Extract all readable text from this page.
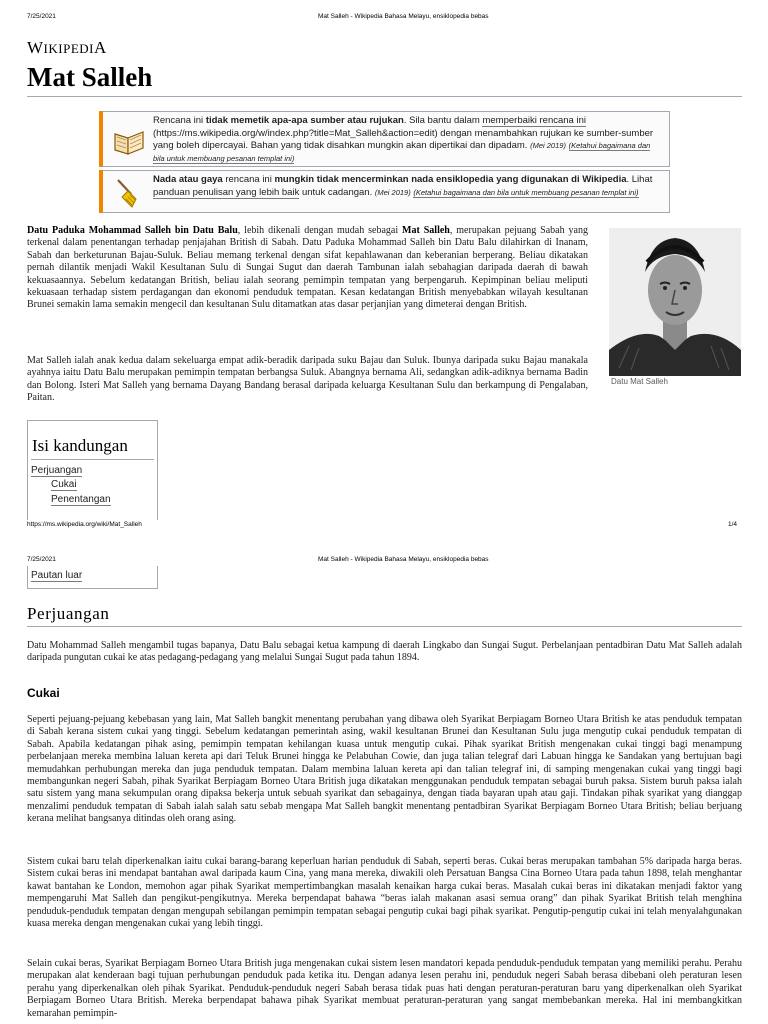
7/25/2021	Mat Salleh - Wikipedia Bahasa Melayu, ensiklopedia bebas
WIKIPEDIA
Mat Salleh
Rencana ini tidak memetik apa-apa sumber atau rujukan. Sila bantu dalam memperbaiki rencana ini (https://ms.wikipedia.org/w/index.php?title=Mat_Salleh&action=edit) dengan menambahkan rujukan ke sumber-sumber yang boleh dipercayai. Bahan yang tidak disahkan mungkin akan dipertikai dan dipadam. (Mei 2019) (Ketahui bagaimana dan bila untuk membuang pesanan templat ini)
Nada atau gaya rencana ini mungkin tidak mencerminkan nada ensiklopedia yang digunakan di Wikipedia. Lihat panduan penulisan yang lebih baik untuk cadangan. (Mei 2019) (Ketahui bagaimana dan bila untuk membuang pesanan templat ini)

Datu Paduka Mohammad Salleh bin Datu Balu, lebih dikenali dengan mudah sebagai Mat Salleh, merupakan pejuang Sabah yang terkenal dalam penentangan terhadap penjajahan British di Sabah. Datu Paduka Mohammad Salleh bin Datu Balu dilahirkan di Inanam, Sabah dan berketurunan Bajau-Suluk. Beliau memang terkenal dengan sifat kepahlawanan dan keberanian berperang. Beliau dikatakan pernah dilantik menjadi Wakil Kesultanan Sulu di Sungai Sugut dan daerah Tambunan ialah sebahagian daripada daerah di bawah kekuasaannya. Sebelum kedatangan British, beliau ialah seorang pemimpin tempatan yang berpengaruh. Kepimpinan beliau meliputi kekuasaan terhadap sistem perdagangan dan ekonomi penduduk tempatan. Kesan kedatangan British menyebabkan wilayah kesultanan Brunei semakin lama semakin mengecil dan kesultanan Sulu ditamatkan atas dasar perjanjian yang dimeterai dengan British.

Mat Salleh ialah anak kedua dalam sekeluarga empat adik-beradik daripada suku Bajau dan Suluk. Ibunya daripada suku Bajau manakala ayahnya iaitu Datu Balu merupakan pemimpin tempatan berbangsa Suluk. Abangnya bernama Ali, sedangkan adik-adiknya bernama Badin dan Bolong. Isteri Mat Salleh yang bernama Dayang Bandang berasal daripada keluarga Kesultanan Sulu dan berkampung di Pengalaban, Paitan.

Datu Mat Salleh
Isi kandungan
Perjuangan
Cukai
Penentangan
https://ms.wikipedia.org/wiki/Mat_Salleh	1/4
7/25/2021	Mat Salleh - Wikipedia Bahasa Melayu, ensiklopedia bebas
Pautan luar
Perjuangan

Datu Mohammad Salleh mengambil tugas bapanya, Datu Balu sebagai ketua kampung di daerah Lingkabo dan Sungai Sugut. Perbelanjaan pentadbiran Datu Mat Salleh adalah daripada pungutan cukai ke atas pedagang-pedagang yang melalui Sungai Sugut pada tahun 1894.

Cukai

Seperti pejuang-pejuang kebebasan yang lain, Mat Salleh bangkit menentang perubahan yang dibawa oleh Syarikat Berpiagam Borneo Utara British ke atas penduduk tempatan di Sabah kerana sistem cukai yang tinggi. Sebelum kedatangan pemerintah asing, wakil kesultanan Brunei dan Kesultanan Sulu juga mengutip cukai penduduk tempatan di Sabah. Apabila kedatangan pihak asing, pemimpin tempatan kehilangan kuasa untuk mengutip cukai. Pihak syarikat British mengenakan cukai tinggi bagi menampung perbelanjaan mereka membina laluan kereta api dari Teluk Brunei hingga ke Pelabuhan Cowie, dan juga talian telegraf dari Labuan hingga ke Sandakan yang bertujuan bagi memudahkan perhubungan mereka dan juga penduduk tempatan. Dalam membina laluan kereta api dan talian telegraf ini, di samping mengenakan cukai yang tinggi bagi membangunkan negeri Sabah, pihak Syarikat Berpiagam Borneo Utara British juga dikatakan menggunakan penduduk tempatan sebagai buruh paksa. Sistem buruh paksa ialah satu sistem yang mana sekumpulan orang dipaksa bekerja untuk sebuah syarikat dan sebagainya, dengan tiada bayaran upah atau gaji. Tindakan pihak syarikat yang dianggap menzalimi penduduk tempatan di Sabah ialah salah satu sebab mengapa Mat Salleh bangkit menentang pentadbiran Syarikat Berpiagam Borneo Utara British; beliau berjuang kerana melihat bangsanya ditindas oleh orang asing.

Sistem cukai baru telah diperkenalkan iaitu cukai barang-barang keperluan harian penduduk di Sabah, seperti beras. Cukai beras merupakan tambahan 5% daripada harga beras. Sistem cukai beras ini mendapat bantahan awal daripada kaum Cina, yang mana mereka, diwakili oleh Persatuan Bangsa Cina Borneo Utara pada tahun 1898, telah menghantar kawat bantahan ke London, memohon agar pihak Syarikat mempertimbangkan masalah kenaikan harga cukai beras. Masalah cukai beras ini dikatakan menjadi faktor yang mempengaruhi Mat Salleh dan pengikut-pengikutnya. Mereka berpendapat bahawa “beras ialah makanan asasi semua orang” dan pihak Syarikat British telah menghina penduduk-penduduk tempatan dengan mengupah sebilangan pemimpin tempatan sebagai pengutip cukai bagi pihak syarikat. Pengutip-pengutip cukai ini telah menyalahgunakan kuasa mereka dengan mengenakan cukai yang lebih tinggi.

Selain cukai beras, Syarikat Berpiagam Borneo Utara British juga mengenakan cukai sistem lesen mandatori kepada penduduk-penduduk tempatan yang memiliki perahu. Perahu merupakan alat kenderaan bagi tujuan perhubungan penduduk pada ketika itu. Dengan adanya lesen perahu ini, penduduk negeri Sabah berasa dibebani oleh peraturan lesen perahu yang diperkenalkan oleh pihak Syarikat. Penduduk-penduduk negeri Sabah berasa tidak puas hati dengan peraturan-peraturan baru yang diperkenalkan oleh Syarikat Berpiagam Borneo Utara British. Mereka berpendapat bahawa pihak Syarikat membuat peraturan-peraturan yang sangat membebankan mereka. Hal ini membangkitkan kemarahan pemimpin-
